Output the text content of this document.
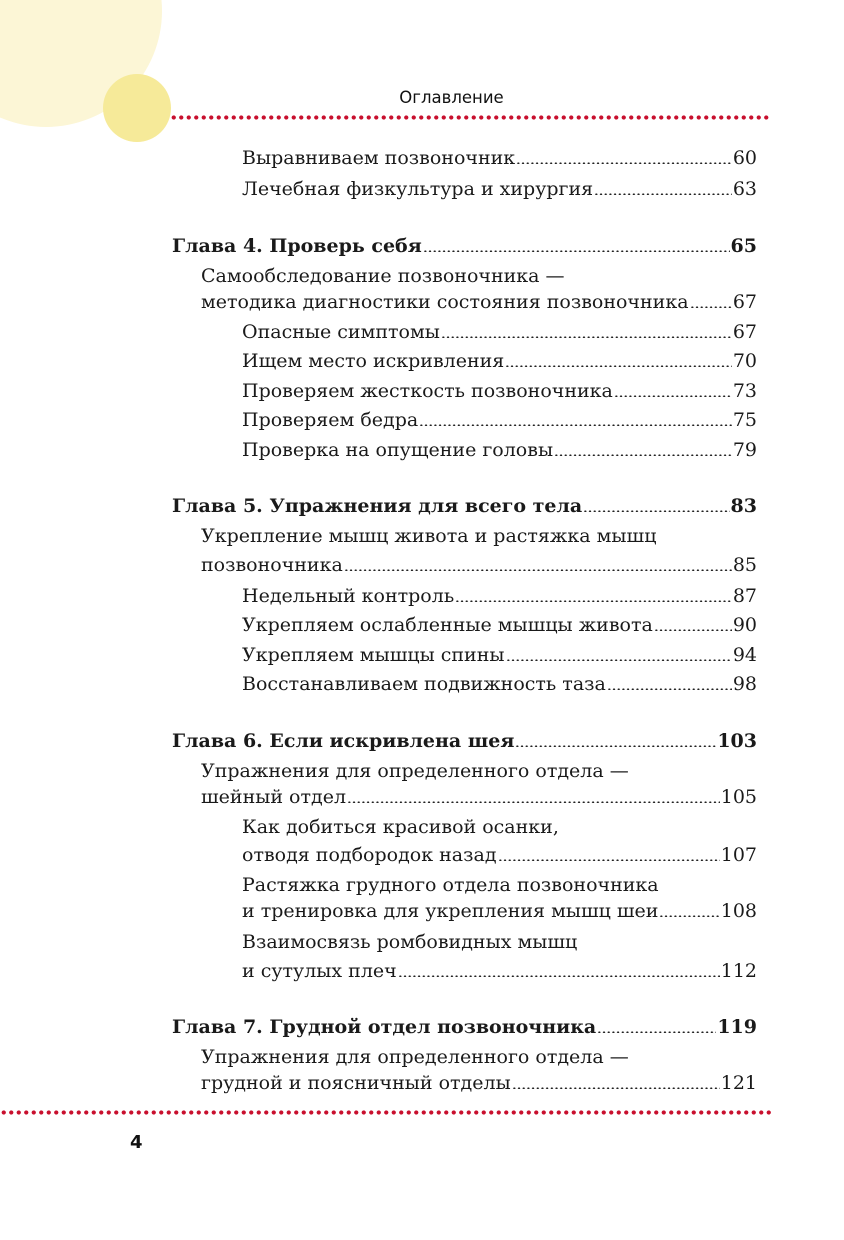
Оглавление
Выравниваем позвоночник	60
Лечебная физкультура и хирургия	63
Глава 4. Проверь себя	65
Самообследование позвоночника —
методика диагностики состояния позвоночника 67
Опасные симптомы	67
Ищем место искривления	70
Проверяем жесткость позвоночника	73
Проверяем бедра	75
Проверка на опущение головы	79
Глава 5. Упражнения для всего тела	83
Укрепление мышц живота и растяжка мышц
позвоночника	85
Недельный контроль	87
Укрепляем ослабленные мышцы живота	90
Укрепляем мышцы спины	94
Восстанавливаем подвижность таза	98
Глава 6. Если искривлена шея	103
Упражнения для определенного отдела —
шейный отдел	105
Как добиться красивой осанки,
отводя подбородок назад	107
Растяжка грудного отдела позвоночника
и тренировка для укрепления мышц шеи	108
Взаимосвязь ромбовидных мышц
и сутулых плеч	112
Глава 7. Грудной отдел позвоночника	119
Упражнения для определенного отдела —
грудной и поясничный отделы	121
4
